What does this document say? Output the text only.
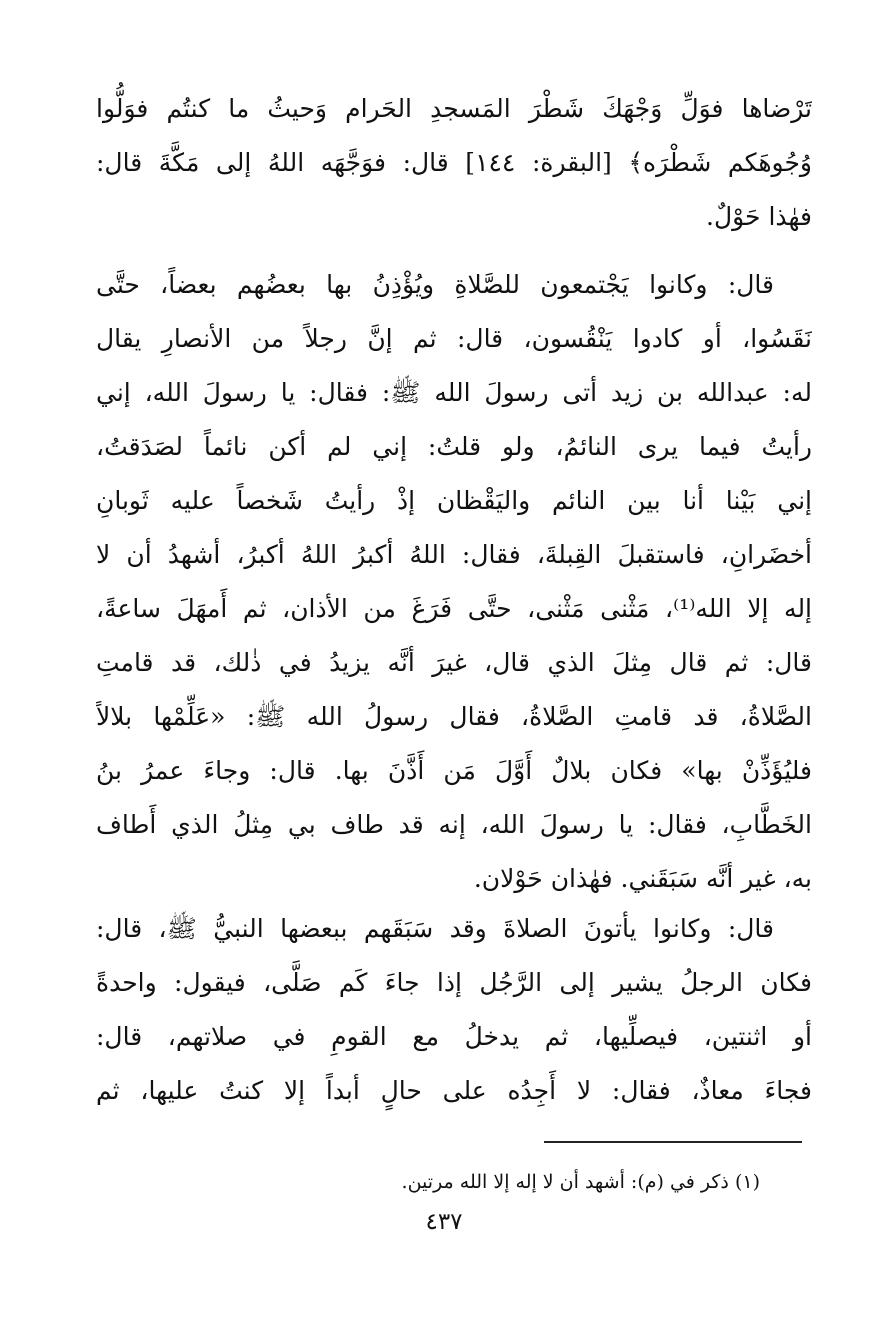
تَرْضاها فوَلِّ وَجْهَكَ شَطْرَ المَسجدِ الحَرام وَحيثُ ما كنتُم فوَلُّوا
وُجُوهَكم شَطْرَه﴾ [البقرة: ١٤٤] قال: فوَجَّهَه اللهُ إلى مَكَّةَ قال:
فهٰذا حَوْلٌ.
قال: وكانوا يَجْتمعون للصَّلاةِ ويُؤْذِنُ بها بعضُهم بعضاً، حتَّى
نَقَسُوا، أو كادوا يَنْقُسون، قال: ثم إنَّ رجلاً من الأنصارِ يقال
له: عبدالله بن زيد أتى رسولَ الله ﷺ: فقال: يا رسولَ الله، إني
رأيتُ فيما يرى النائمُ، ولو قلتُ: إني لم أكن نائماً لصَدَقتُ،
إني بَيْنا أنا بين النائم واليَقْظان إذْ رأيتُ شَخصاً عليه ثَوبانِ
أخضَرانِ، فاستقبلَ القِبلةَ، فقال: اللهُ أكبرُ اللهُ أكبرُ، أشهدُ أن لا
إله إلا الله⁽¹⁾، مَثْنى مَثْنى، حتَّى فَرَغَ من الأذان، ثم أَمهَلَ ساعةً،
قال: ثم قال مِثلَ الذي قال، غيرَ أنَّه يزيدُ في ذٰلك، قد قامتِ
الصَّلاةُ، قد قامتِ الصَّلاةُ، فقال رسولُ الله ﷺ: «عَلِّمْها بلالاً
فليُؤَذِّنْ بها» فكان بلالٌ أَوَّلَ مَن أَذَّنَ بها. قال: وجاءَ عمرُ بنُ
الخَطَّابِ، فقال: يا رسولَ الله، إنه قد طاف بي مِثلُ الذي أَطاف
به، غير أنَّه سَبَقَني. فهٰذان حَوْلان.
قال: وكانوا يأتونَ الصلاةَ وقد سَبَقَهم ببعضها النبيُّ ﷺ، قال:
فكان الرجلُ يشير إلى الرَّجُل إذا جاءَ كَم صَلَّى، فيقول: واحدةً
أو اثنتين، فيصلِّيها، ثم يدخلُ مع القومِ في صلاتهم، قال:
فجاءَ معاذٌ، فقال: لا أَجِدُه على حالٍ أبداً إلا كنتُ عليها، ثم
(١) ذكر في (م): أشهد أن لا إله إلا الله مرتين.
٤٣٧
